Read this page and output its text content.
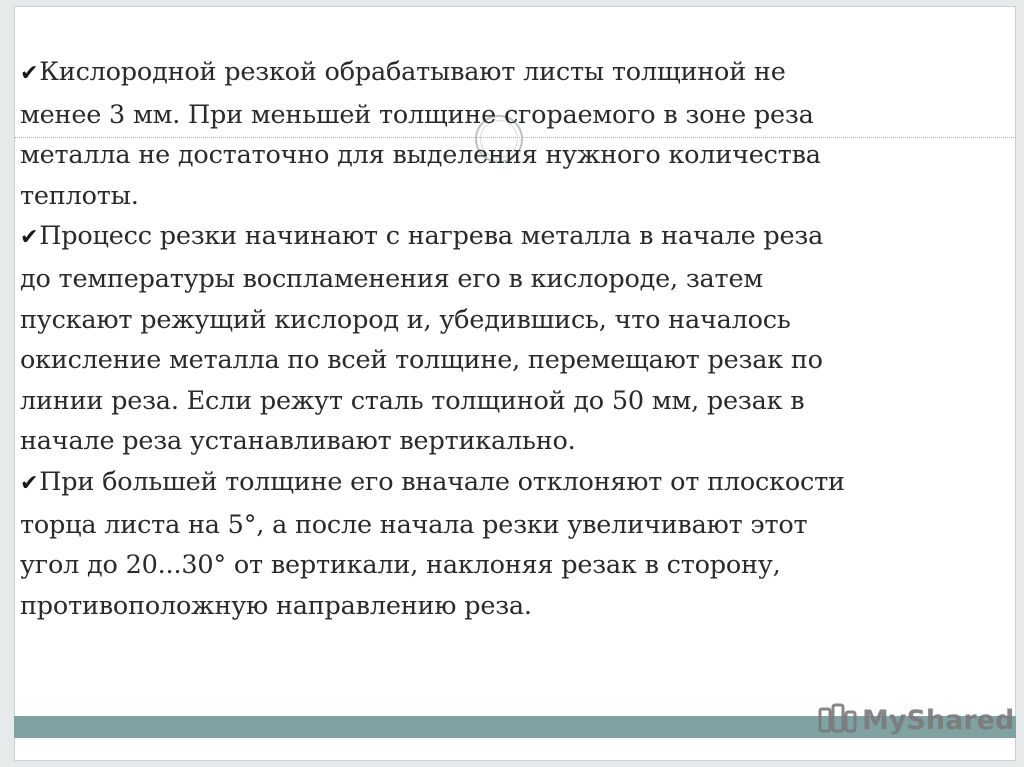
✔Кислородной резкой обрабатывают листы толщиной не
менее 3 мм. При меньшей толщине сгораемого в зоне реза
металла не достаточно для выделения нужного количества
теплоты.
✔Процесс резки начинают с нагрева металла в начале реза
до температуры воспламенения его в кислороде, затем
пускают режущий кислород и, убедившись, что началось
окисление металла по всей толщине, перемещают резак по
линии реза. Если режут сталь толщиной до 50 мм, резак в
начале реза устанавливают вертикально.
✔При большей толщине его вначале отклоняют от плоскости
торца листа на 5°, а после начала резки увеличивают этот
угол до 20...30° от вертикали, наклоняя резак в сторону,
противоположную направлению реза.
MyShared
